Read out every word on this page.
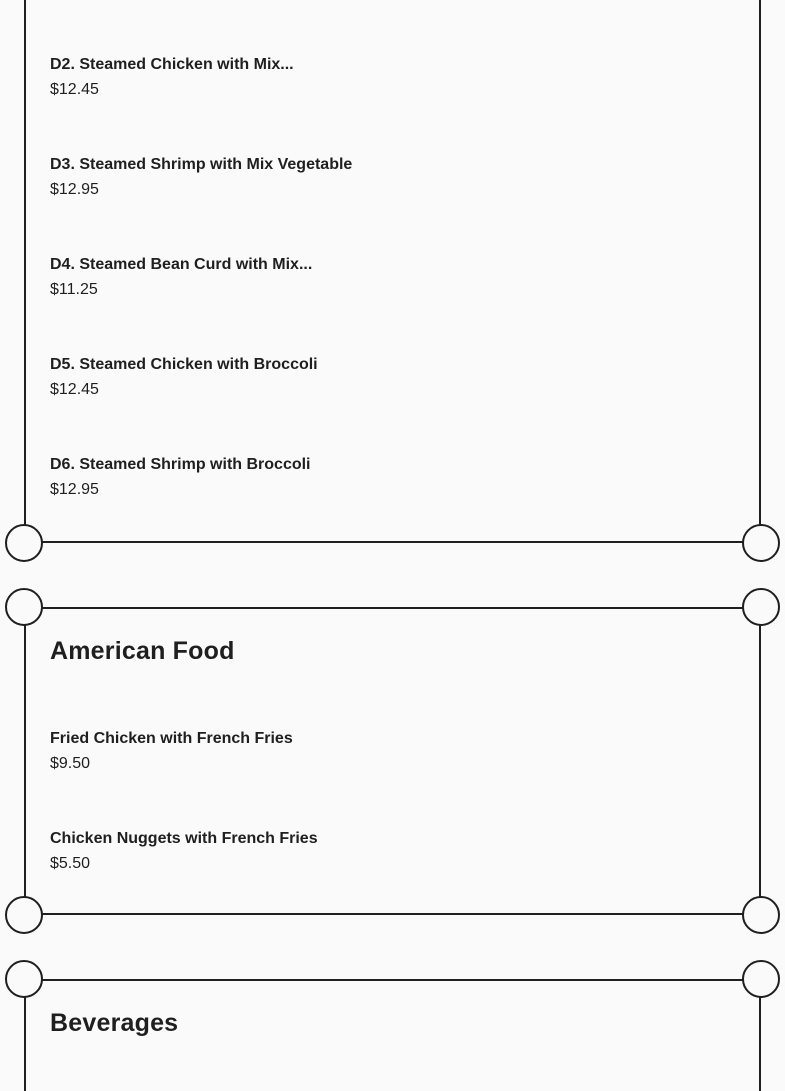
D2. Steamed Chicken with Mix...
$12.45
D3. Steamed Shrimp with Mix Vegetable
$12.95
D4. Steamed Bean Curd with Mix...
$11.25
D5. Steamed Chicken with Broccoli
$12.45
D6. Steamed Shrimp with Broccoli
$12.95
American Food
Fried Chicken with French Fries
$9.50
Chicken Nuggets with French Fries
$5.50
Beverages
